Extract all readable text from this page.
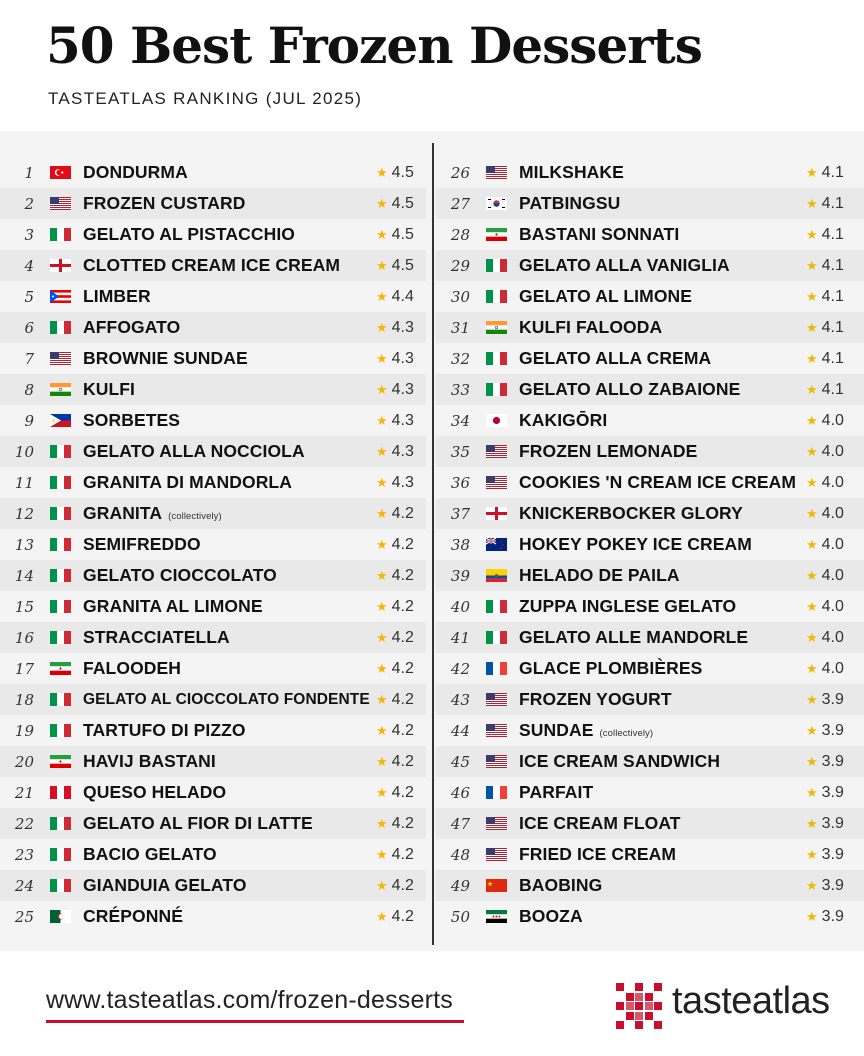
50 Best Frozen Desserts
TASTEATLAS RANKING (JUL 2025)
1	DONDURMA	★ 4.5
2	FROZEN CUSTARD	★ 4.5
3	GELATO AL PISTACCHIO	★ 4.5
4	CLOTTED CREAM ICE CREAM	★ 4.5
5	LIMBER	★ 4.4
6	AFFOGATO	★ 4.3
7	BROWNIE SUNDAE	★ 4.3
8	KULFI	★ 4.3
9	SORBETES	★ 4.3
10	GELATO ALLA NOCCIOLA	★ 4.3
11	GRANITA DI MANDORLA	★ 4.3
12	GRANITA (collectively)	★ 4.2
13	SEMIFREDDO	★ 4.2
14	GELATO CIOCCOLATO	★ 4.2
15	GRANITA AL LIMONE	★ 4.2
16	STRACCIATELLA	★ 4.2
17	FALOODEH	★ 4.2
18	GELATO AL CIOCCOLATO FONDENTE ★ 4.2
19	TARTUFO DI PIZZO	★ 4.2
20	HAVIJ BASTANI	★ 4.2
21	QUESO HELADO	★ 4.2
22	GELATO AL FIOR DI LATTE	★ 4.2
23	BACIO GELATO	★ 4.2
24	GIANDUIA GELATO	★ 4.2
25	CRÉPONNÉ	★ 4.2
26	MILKSHAKE	★ 4.1
27	PATBINGSU	★ 4.1
28	BASTANI SONNATI	★ 4.1
29	GELATO ALLA VANIGLIA	★ 4.1
30	GELATO AL LIMONE	★ 4.1
31	KULFI FALOODA	★ 4.1
32	GELATO ALLA CREMA	★ 4.1
33	GELATO ALLO ZABAIONE	★ 4.1
34	KAKIGŌRI	★ 4.0
35	FROZEN LEMONADE	★ 4.0
36	COOKIES 'N CREAM ICE CREAM ★ 4.0
37	KNICKERBOCKER GLORY	★ 4.0
38	HOKEY POKEY ICE CREAM	★ 4.0
39	HELADO DE PAILA	★ 4.0
40	ZUPPA INGLESE GELATO	★ 4.0
41	GELATO ALLE MANDORLE	★ 4.0
42	GLACE PLOMBIÈRES	★ 4.0
43	FROZEN YOGURT	★ 3.9
44	SUNDAE (collectively)	★ 3.9
45	ICE CREAM SANDWICH	★ 3.9
46	PARFAIT	★ 3.9
47	ICE CREAM FLOAT	★ 3.9
48	FRIED ICE CREAM	★ 3.9
49	BAOBING	★ 3.9
50	BOOZA	★ 3.9
www.tasteatlas.com/frozen-desserts	tasteatlas
